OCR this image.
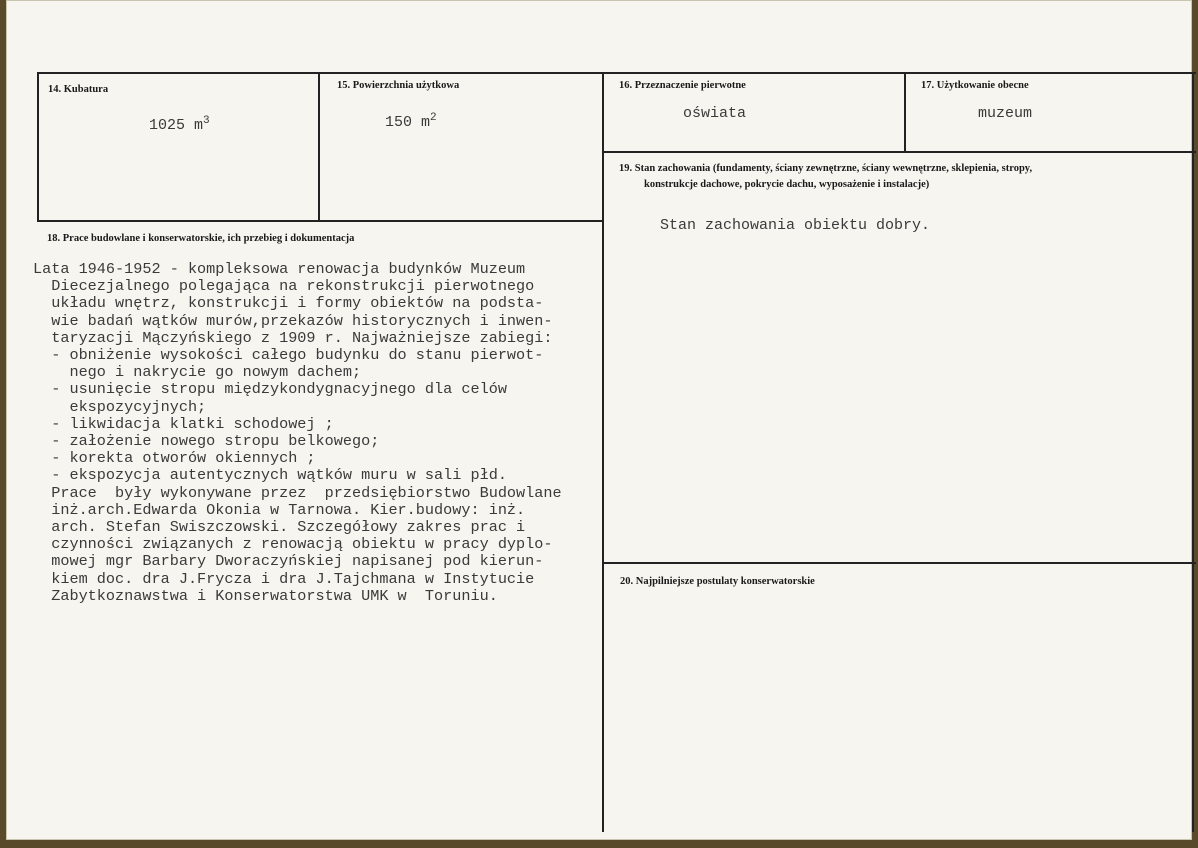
14. Kubatura
1025 $m^3$
15. Powierzchnia użytkowa
150 $m^2$
16. Przeznaczenie pierwotne
oświata
17. Użytkowanie obecne
muzeum
19. Stan zachowania (fundamenty, ściany zewnętrzne, ściany wewnętrzne, sklepienia, stropy,
konstrukcje dachowe, pokrycie dachu, wyposażenie i instalacje)
Stan zachowania obiektu dobry.
18. Prace budowlane i konserwatorskie, ich przebieg i dokumentacja
Lata 1946-1952 - kompleksowa renowacja budynków Muzeum
Diecezjalnego polegająca na rekonstrukcji pierwotnego
układu wnętrz, konstrukcji i formy obiektów na podsta-
wie badań wątków murów,przekazów historycznych i inwen-
taryzacji Mączyńskiego z 1909 r. Najważniejsze zabiegi:
- obniżenie wysokości całego budynku do stanu pierwot-
nego i nakrycie go nowym dachem;
- usunięcie stropu międzykondygnacyjnego dla celów
ekspozycyjnych;
- likwidacja klatki schodowej ;
- założenie nowego stropu belkowego;
- korekta otworów okiennych ;
- ekspozycja autentycznych wątków muru w sali płd.
Prace  były wykonywane przez  przedsiębiorstwo Budowlane
inż.arch.Edwarda Okonia w Tarnowa. Kier.budowy: inż.
arch. Stefan Swiszczowski. Szczegółowy zakres prac i
czynności związanych z renowacją obiektu w pracy dyplo-
mowej mgr Barbary Dworaczyńskiej napisanej pod kierun-
kiem doc. dra J.Frycza i dra J.Tajchmana w Instytucie
Zabytkoznawstwa i Konserwatorstwa UMK w  Toruniu.
20. Najpilniejsze postulaty konserwatorskie
